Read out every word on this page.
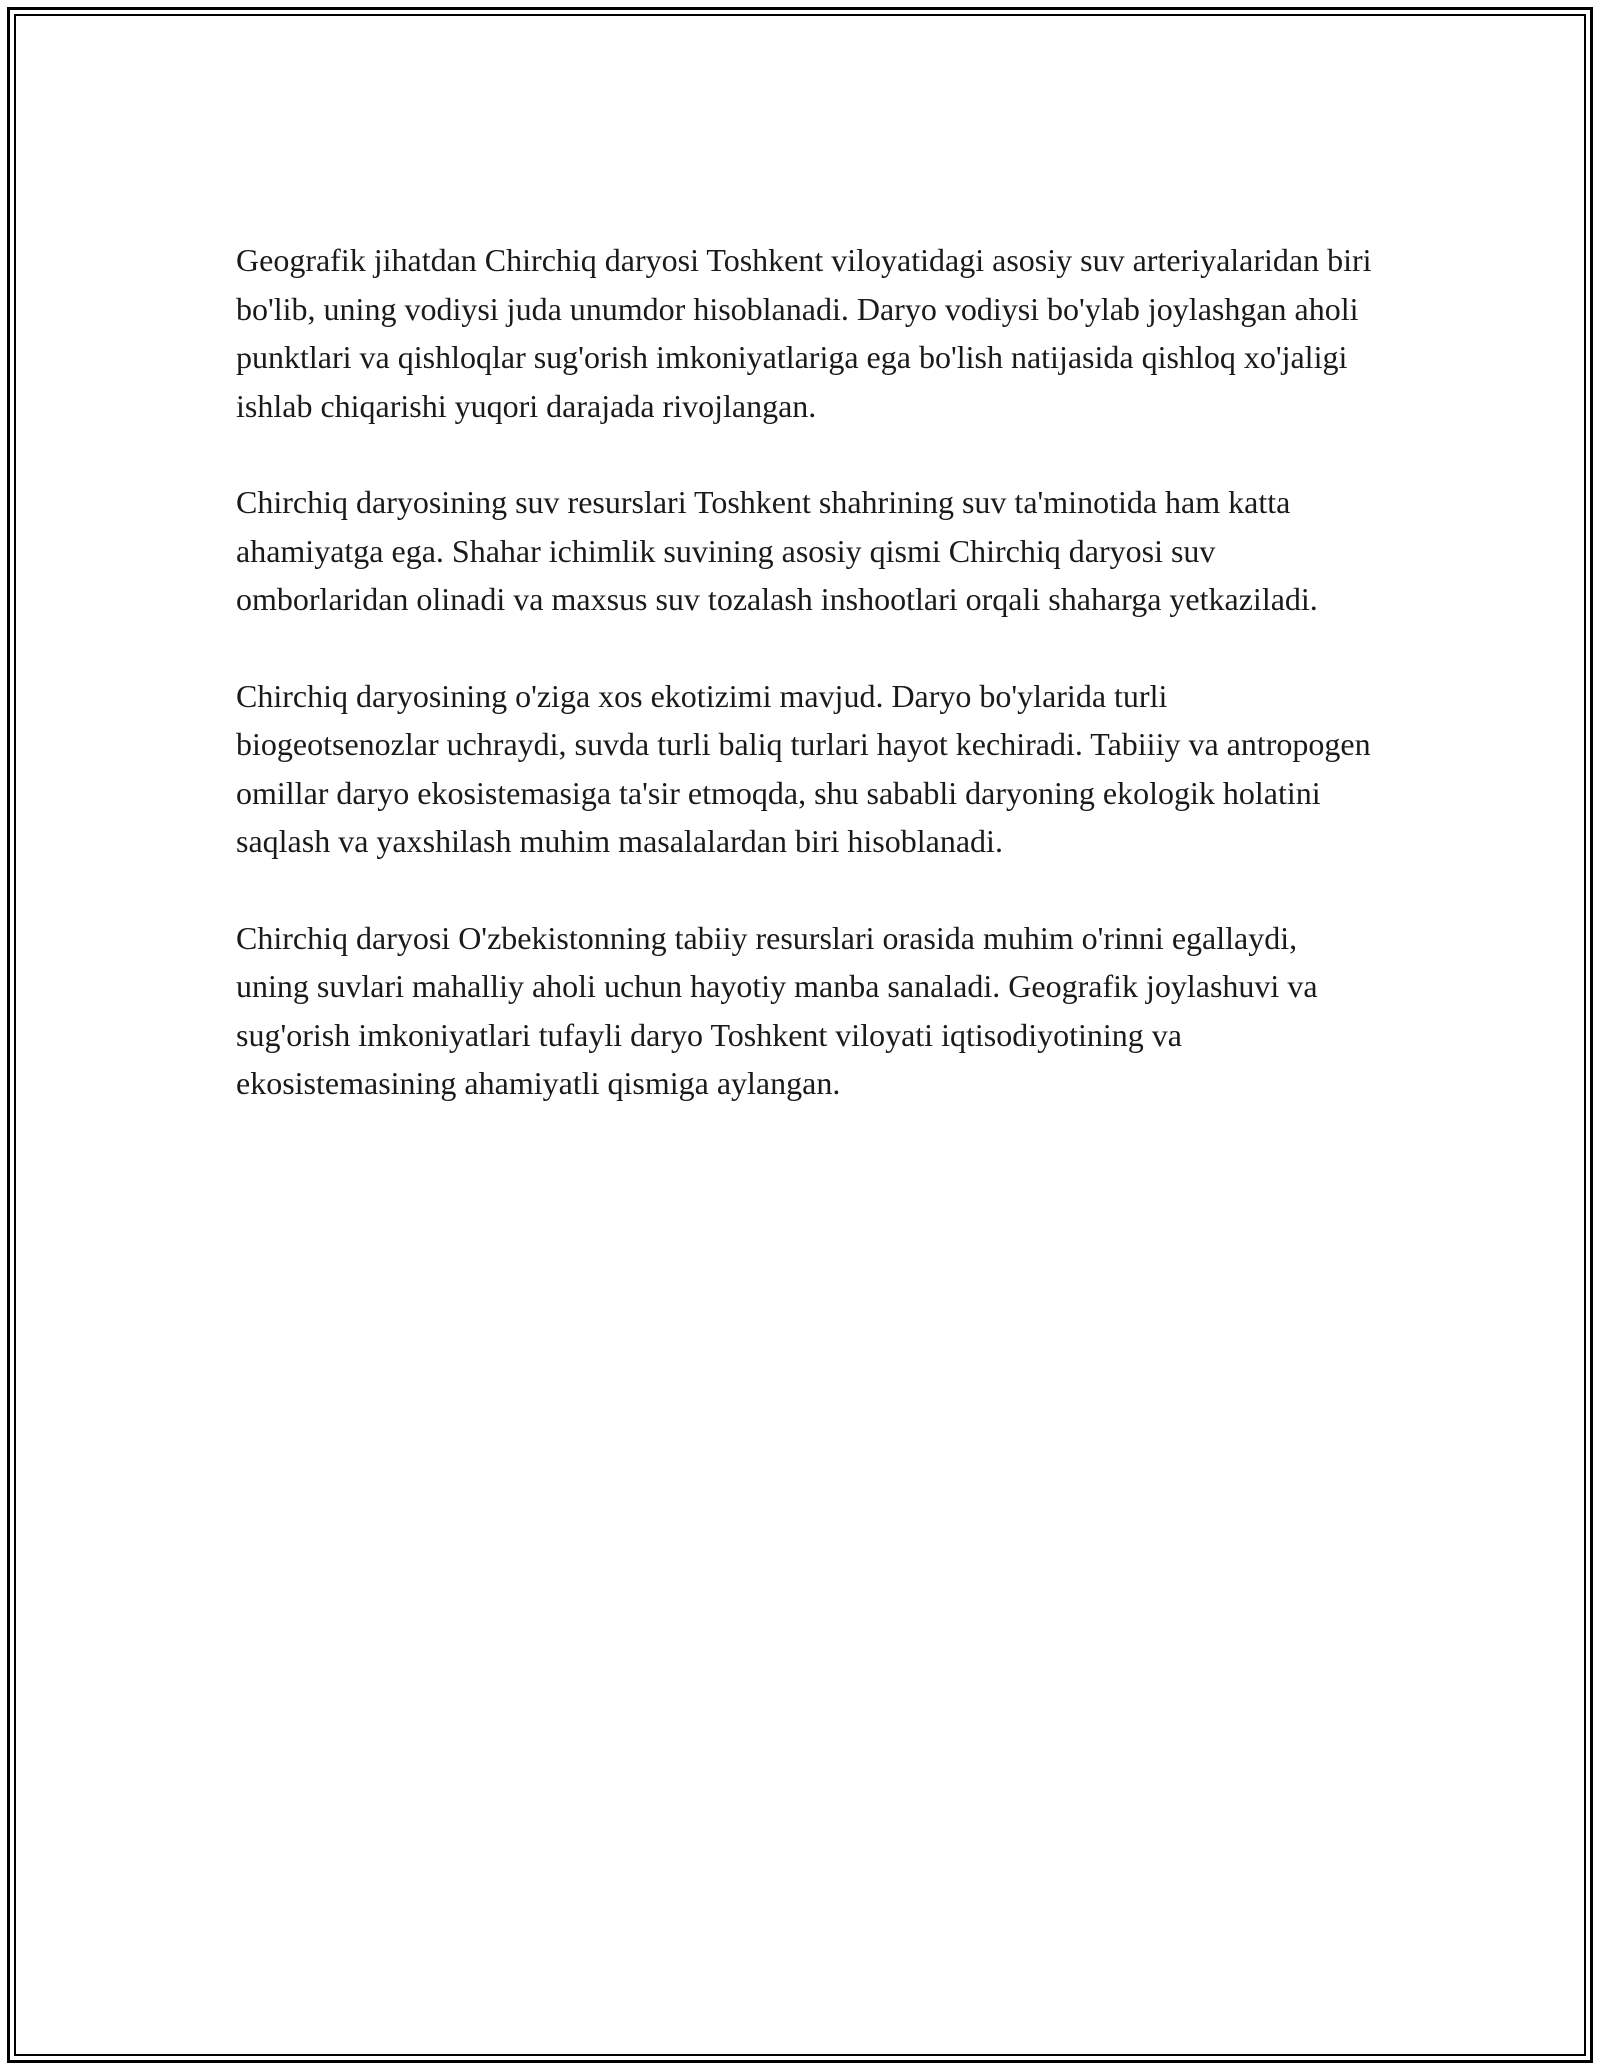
Geografik jihatdan Chirchiq daryosi Toshkent viloyatidagi asosiy suv arteriyalaridan biri bo'lib, uning vodiysi juda unumdor hisoblanadi. Daryo vodiysi bo'ylab joylashgan aholi punktlari va qishloqlar sug'orish imkoniyatlariga ega bo'lish natijasida qishloq xo'jaligi ishlab chiqarishi yuqori darajada rivojlangan.

Chirchiq daryosining suv resurslari Toshkent shahrining suv ta'minotida ham katta ahamiyatga ega. Shahar ichimlik suvining asosiy qismi Chirchiq daryosi suv omborlaridan olinadi va maxsus suv tozalash inshootlari orqali shaharga yetkaziladi.

Chirchiq daryosining o'ziga xos ekotizimi mavjud. Daryo bo'ylarida turli biogeotsenozlar uchraydi, suvda turli baliq turlari hayot kechiradi. Tabiiiy va antropogen omillar daryo ekosistemasiga ta'sir etmoqda, shu sababli daryoning ekologik holatini saqlash va yaxshilash muhim masalalardan biri hisoblanadi.

Chirchiq daryosi O'zbekistonning tabiiy resurslari orasida muhim o'rinni egallaydi, uning suvlari mahalliy aholi uchun hayotiy manba sanaladi. Geografik joylashuvi va sug'orish imkoniyatlari tufayli daryo Toshkent viloyati iqtisodiyotining va ekosistemasining ahamiyatli qismiga aylangan.
